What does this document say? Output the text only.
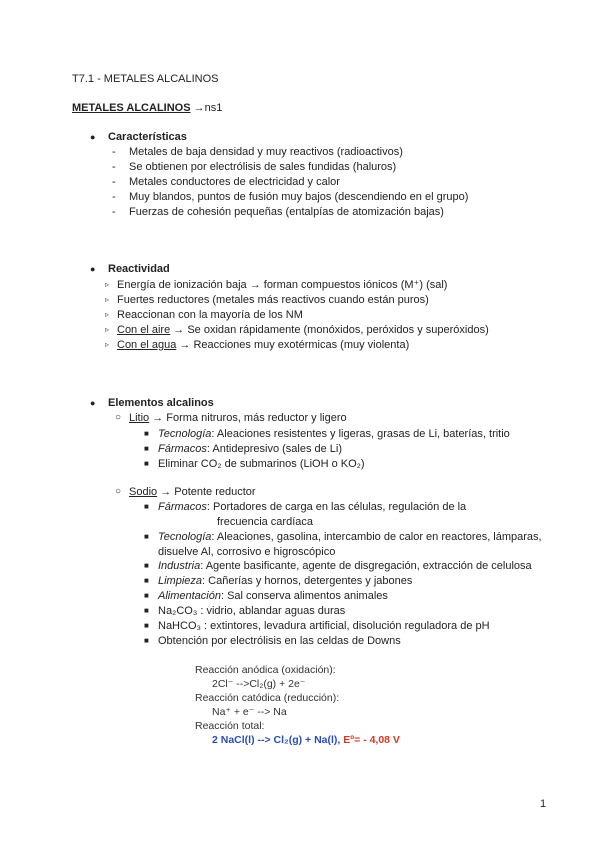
T7.1 - METALES ALCALINOS
METALES ALCALINOS →ns1
● Características
- Metales de baja densidad y muy reactivos (radioactivos)
- Se obtienen por electrólisis de sales fundidas (haluros)
- Metales conductores de electricidad y calor
- Muy blandos, puntos de fusión muy bajos (descendiendo en el grupo)
- Fuerzas de cohesión pequeñas (entalpías de atomización bajas)
● Reactividad
▹ Energía de ionización baja → forman compuestos iónicos (M⁺) (sal)
▹ Fuertes reductores (metales más reactivos cuando están puros)
▹ Reaccionan con la mayoría de los NM
▹ Con el aire → Se oxidan rápidamente (monóxidos, peróxidos y superóxidos)
▹ Con el agua → Reacciones muy exotérmicas (muy violenta)
● Elementos alcalinos
○ Litio → Forma nitruros, más reductor y ligero
■ Tecnología: Aleaciones resistentes y ligeras, grasas de Li, baterías, tritio
■ Fármacos: Antidepresivo (sales de Li)
■ Eliminar CO₂ de submarinos (LiOH o KO₂)
○ Sodio → Potente reductor
■ Fármacos: Portadores de carga en las células, regulación de la
frecuencia cardíaca
■ Tecnología: Aleaciones, gasolina, intercambio de calor en reactores, lámparas,
disuelve Al, corrosivo e higroscópico
■ Industria: Agente basificante, agente de disgregación, extracción de celulosa
■ Limpieza: Cañerías y hornos, detergentes y jabones
■ Alimentación: Sal conserva alimentos animales
■ Na₂CO₃ : vidrio, ablandar aguas duras
■ NaHCO₃ : extintores, levadura artificial, disolución reguladora de pH
■ Obtención por electrólisis en las celdas de Downs
Reacción anódica (oxidación):
2Cl⁻ -->Cl₂(g) + 2e⁻
Reacción catódica (reducción):
Na⁺ + e⁻ --> Na
Reacción total:
2 NaCl(l) --> Cl₂(g) + Na(l), Eº= - 4,08 V
1
